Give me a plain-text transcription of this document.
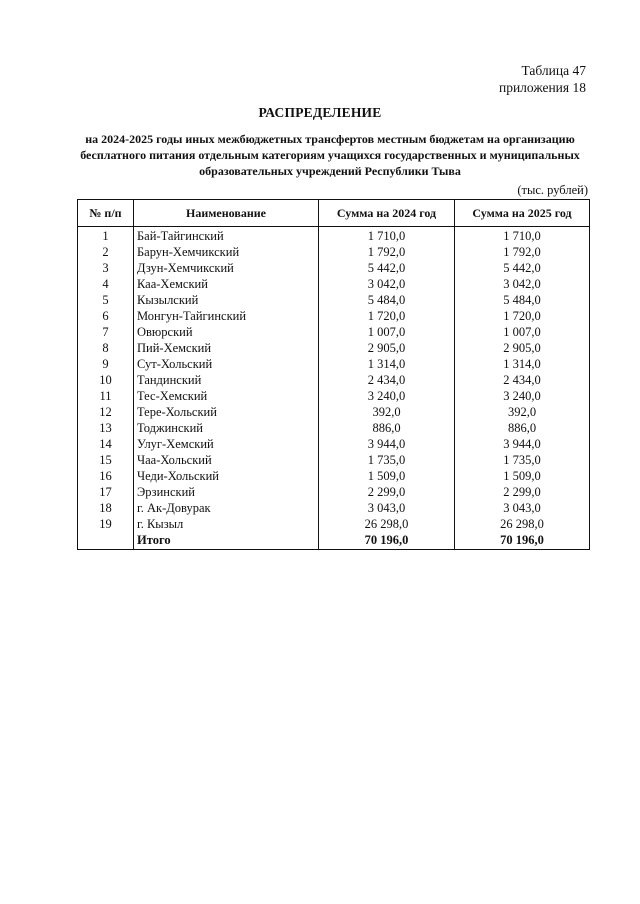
Таблица 47
приложения 18
РАСПРЕДЕЛЕНИЕ
на 2024-2025 годы иных межбюджетных трансфертов местным бюджетам на организацию
бесплатного питания отдельным категориям учащихся государственных и муниципальных
образовательных учреждений Республики Тыва
(тыс. рублей)
№ п/п	Наименование	Сумма на 2024 год	Сумма на 2025 год
1	Бай-Тайгинский	1 710,0	1 710,0
2	Барун-Хемчикский	1 792,0	1 792,0
3	Дзун-Хемчикский	5 442,0	5 442,0
4	Каа-Хемский	3 042,0	3 042,0
5	Кызылский	5 484,0	5 484,0
6	Монгун-Тайгинский	1 720,0	1 720,0
7	Овюрский	1 007,0	1 007,0
8	Пий-Хемский	2 905,0	2 905,0
9	Сут-Хольский	1 314,0	1 314,0
10	Тандинский	2 434,0	2 434,0
11	Тес-Хемский	3 240,0	3 240,0
12	Тере-Хольский	392,0	392,0
13	Тоджинский	886,0	886,0
14	Улуг-Хемский	3 944,0	3 944,0
15	Чаа-Хольский	1 735,0	1 735,0
16	Чеди-Хольский	1 509,0	1 509,0
17	Эрзинский	2 299,0	2 299,0
18	г. Ак-Довурак	3 043,0	3 043,0
19	г. Кызыл	26 298,0	26 298,0
	Итого	70 196,0	70 196,0
